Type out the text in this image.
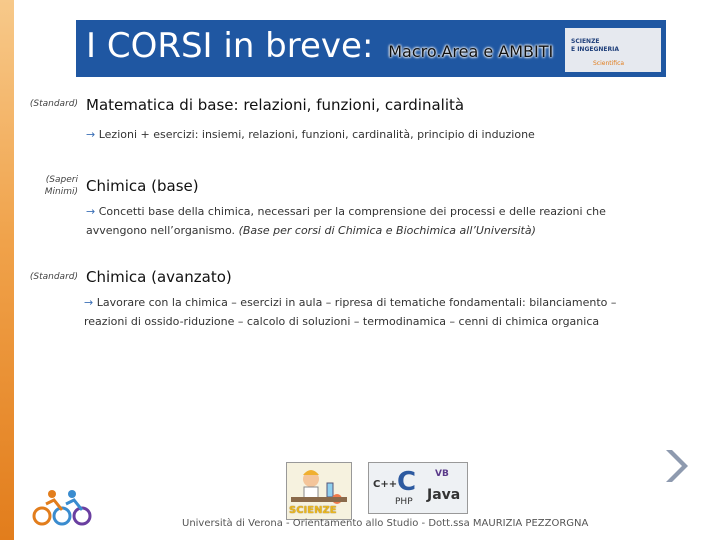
I CORSI in breve: Macro.Area e AMBITI
SCIENZE
E INGEGNERIA
Scientifica
(Standard) Matematica di base: relazioni, funzioni, cardinalità
→ Lezioni + esercizi: insiemi, relazioni, funzioni, cardinalità, principio di induzione
(Saperi Minimi) Chimica (base)
→ Concetti base della chimica, necessari per la comprensione dei processi e delle reazioni che avvengono nell’organismo. (Base per corsi di Chimica e Biochimica all’Università)
(Standard) Chimica (avanzato)
→ Lavorare con la chimica – esercizi in aula – ripresa di tematiche fondamentali: bilanciamento – reazioni di ossido-riduzione – calcolo di soluzioni – termodinamica – cenni di chimica organica
SCIENZE
C
C++
VB
PHP Java
Università di Verona - Orientamento allo Studio - Dott.ssa MAURIZIA PEZZORGNA
